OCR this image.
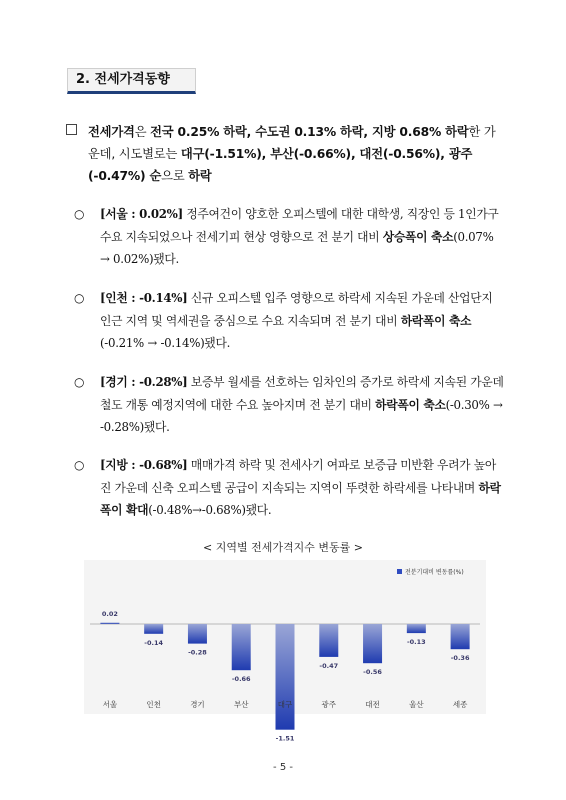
2. 전세가격동향
전세가격은 전국 0.25% 하락, 수도권 0.13% 하락, 지방 0.68% 하락한 가운데, 시도별로는 대구(-1.51%), 부산(-0.66%), 대전(-0.56%), 광주(-0.47%) 순으로 하락
○ [서울 : 0.02%] 정주여건이 양호한 오피스텔에 대한 대학생, 직장인 등 1인가구 수요 지속되었으나 전세기피 현상 영향으로 전 분기 대비 상승폭이 축소(0.07% → 0.02%)됐다.
○ [인천 : -0.14%] 신규 오피스텔 입주 영향으로 하락세 지속된 가운데 산업단지 인근 지역 및 역세권을 중심으로 수요 지속되며 전 분기 대비 하락폭이 축소(-0.21% → -0.14%)됐다.
○ [경기 : -0.28%] 보증부 월세를 선호하는 임차인의 증가로 하락세 지속된 가운데 철도 개통 예정지역에 대한 수요 높아지며 전 분기 대비 하락폭이 축소(-0.30% → -0.28%)됐다.
○ [지방 : -0.68%] 매매가격 하락 및 전세사기 여파로 보증금 미반환 우려가 높아진 가운데 신축 오피스텔 공급이 지속되는 지역이 뚜렷한 하락세를 나타내며 하락폭이 확대(-0.48%→-0.68%)됐다.
< 지역별 전세가격지수 변동률 >
0.02
서울
-0.14
인천
-0.28
경기
-0.66
부산
-1.51
대구
-0.47
광주
-0.56
대전
-0.13
울산
-0.36
세종
전분기대비 변동률(%)
- 5 -
